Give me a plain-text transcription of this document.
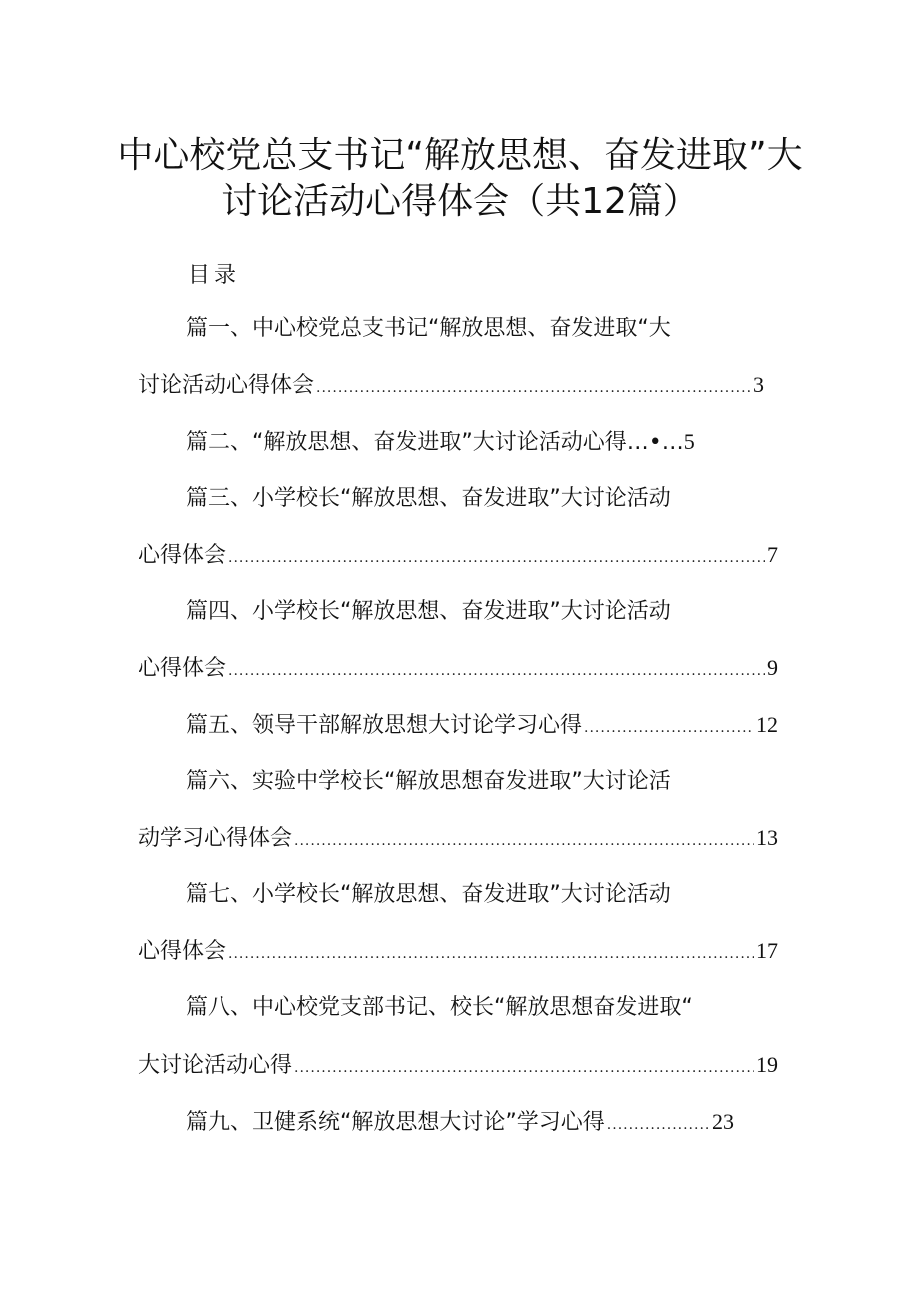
中心校党总支书记“解放思想、奋发进取”大
讨论活动心得体会（共12篇）
目录
篇一、中心校党总支书记“解放思想、奋发进取“大
讨论活动心得体会 .....	3
篇二、“解放思想、奋发进取”大讨论活动心得…•… 5
篇三、小学校长“解放思想、奋发进取”大讨论活动
心得体会 .....	7
篇四、小学校长“解放思想、奋发进取”大讨论活动
心得体会 .....	9
篇五、领导干部解放思想大讨论学习心得 .....	12
篇六、实验中学校长“解放思想奋发进取”大讨论活
动学习心得体会 .....	13
篇七、小学校长“解放思想、奋发进取”大讨论活动
心得体会 .....	17
篇八、中心校党支部书记、校长“解放思想奋发进取“
大讨论活动心得 .....	19
篇九、卫健系统“解放思想大讨论”学习心得 .....	23
